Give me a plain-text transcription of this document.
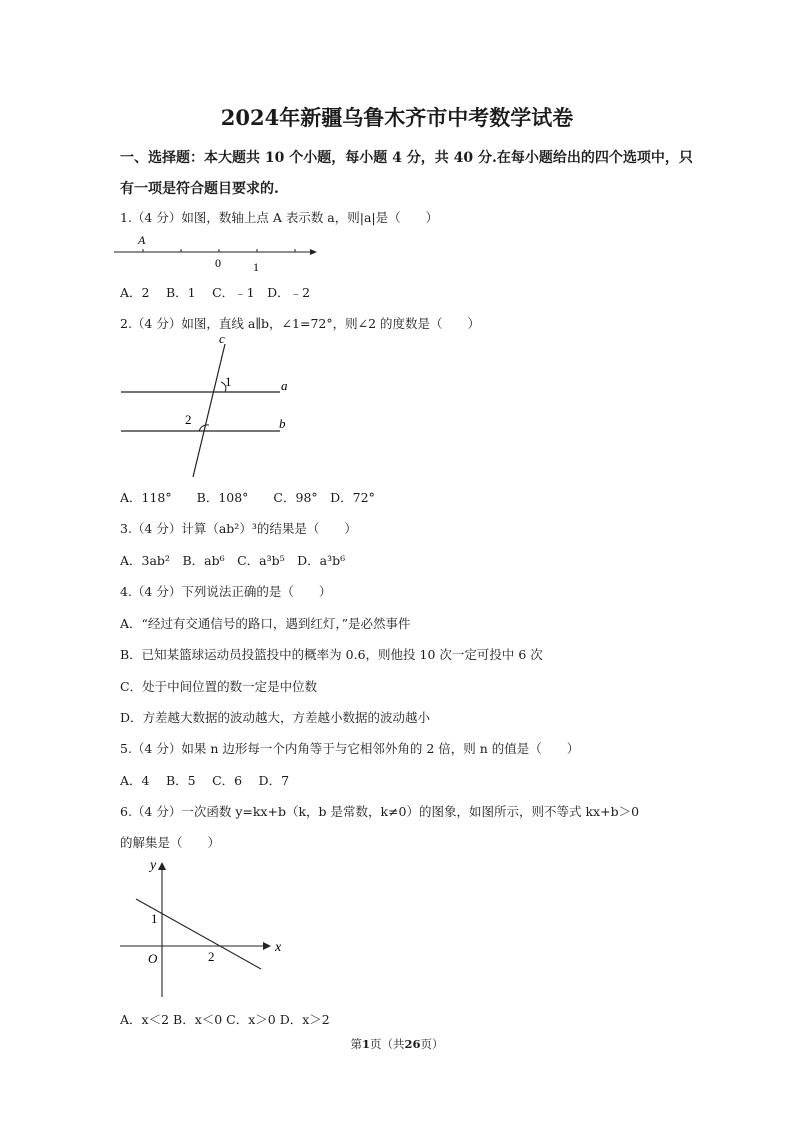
2024年新疆乌鲁木齐市中考数学试卷
一、选择题：本大题共 10 个小题，每小题 4 分，共 40 分.在每小题给出的四个选项中，只
有一项是符合题目要求的.
1.（4 分）如图，数轴上点 A 表示数 a，则|a|是（　　）
A
0	1
A．2　 B．1　 C．﹣1　D．﹣2
2.（4 分）如图，直线 a∥b，∠1=72°，则∠2 的度数是（　　）
c
a
b
1
2
A．118°　　B．108°　　C．98°　D．72°
3.（4 分）计算（ab²）³的结果是（　　）
A．3ab²　B．ab⁶　C．a³b⁵　D．a³b⁶
4.（4 分）下列说法正确的是（　　）
A．“经过有交通信号的路口，遇到红灯，”是必然事件
B．已知某篮球运动员投篮投中的概率为 0.6，则他投 10 次一定可投中 6 次
C．处于中间位置的数一定是中位数
D．方差越大数据的波动越大，方差越小数据的波动越小
5.（4 分）如果 n 边形每一个内角等于与它相邻外角的 2 倍，则 n 的值是（　　）
A．4　 B．5　 C．6　 D．7
6.（4 分）一次函数 y=kx+b（k，b 是常数，k≠0）的图象，如图所示，则不等式 kx+b＞0
的解集是（　　）
y
x
O
1
2
A．x＜2 B．x＜0 C．x＞0 D．x＞2
第1页（共26页）
